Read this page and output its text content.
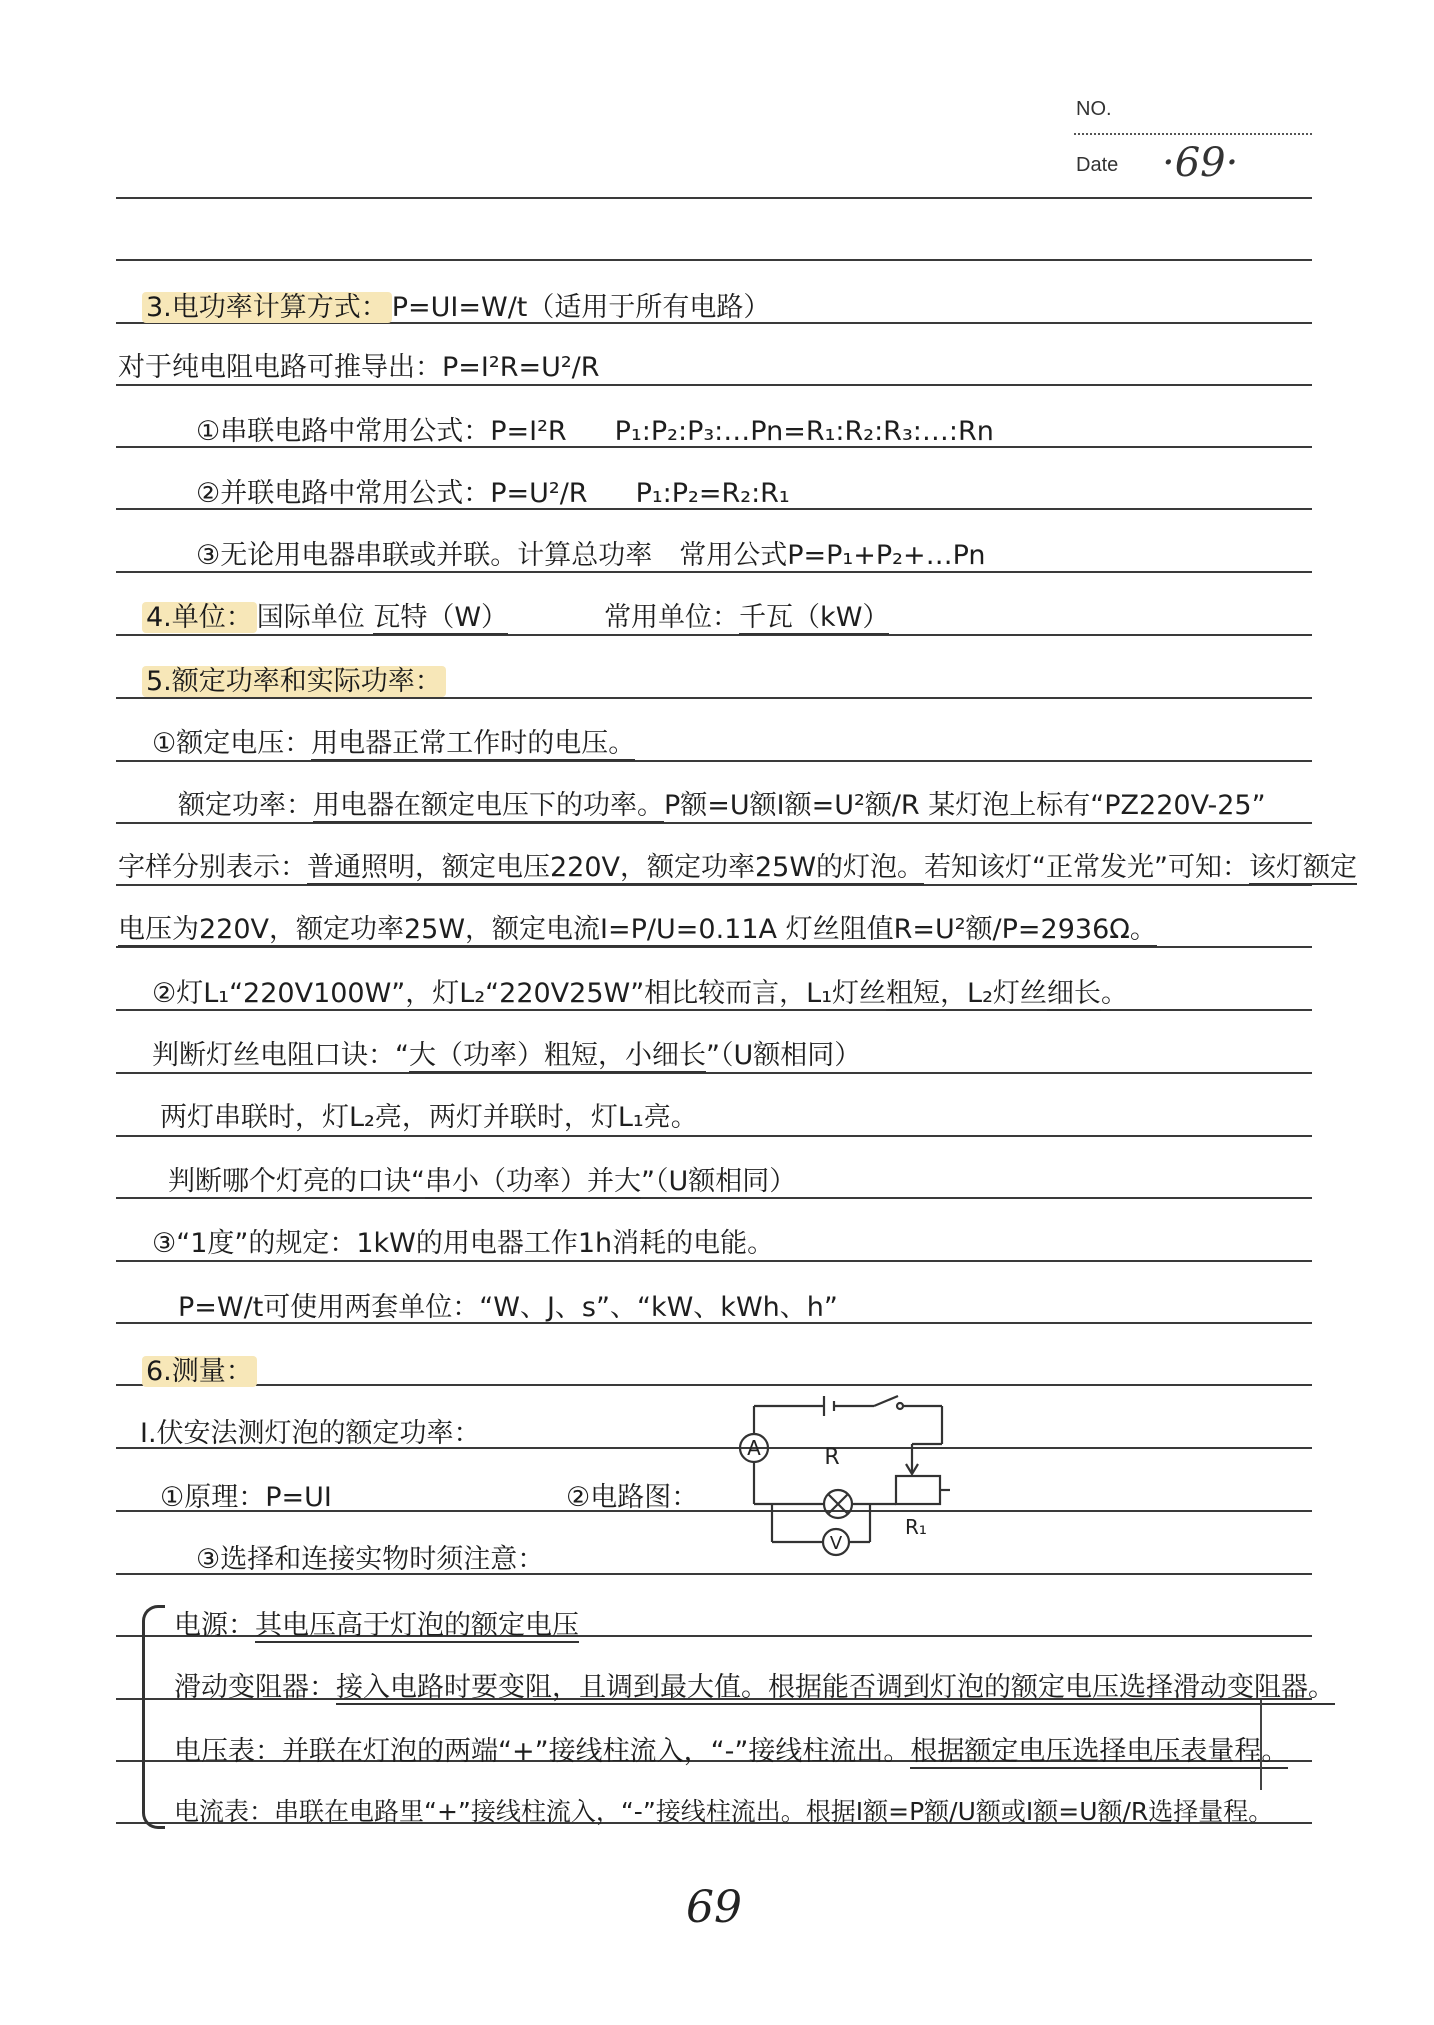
NO.
Date ·69·
3.电功率计算方式： P=UI=W/t（适用于所有电路）
对于纯电阻电路可推导出：P=I²R=U²/R
①串联电路中常用公式：P=I²R P₁:P₂:P₃:…Pn=R₁:R₂:R₃:…:Rn
②并联电路中常用公式：P=U²/R P₁:P₂=R₂:R₁
③无论用电器串联或并联。计算总功率　常用公式P=P₁+P₂+…Pn
4.单位： 国际单位 瓦特（W）	常用单位：千瓦（kW）
5.额定功率和实际功率：
①额定电压：用电器正常工作时的电压。
额定功率：用电器在额定电压下的功率。P额=U额I额=U²额/R 某灯泡上标有“PZ220V-25”
字样分别表示：普通照明，额定电压220V，额定功率25W的灯泡。若知该灯“正常发光”可知：该灯额定
电压为220V，额定功率25W，额定电流I=P/U=0.11A 灯丝阻值R=U²额/P=2936Ω。
②灯L₁“220V100W”，灯L₂“220V25W”相比较而言，L₁灯丝粗短，L₂灯丝细长。
判断灯丝电阻口诀：“大（功率）粗短，小细长”（U额相同）
两灯串联时，灯L₂亮，两灯并联时，灯L₁亮。
判断哪个灯亮的口诀“串小（功率）并大”（U额相同）
③“1度”的规定：1kW的用电器工作1h消耗的电能。
P=W/t可使用两套单位：“W、J、s”、“kW、kWh、h”
6.测量：
Ⅰ.伏安法测灯泡的额定功率：
①原理：P=UI	②电路图：
③选择和连接实物时须注意：
A
V
R
R₁
电源：其电压高于灯泡的额定电压
滑动变阻器：接入电路时要变阻，且调到最大值。根据能否调到灯泡的额定电压选择滑动变阻器。
电压表：并联在灯泡的两端“+”接线柱流入，“-”接线柱流出。根据额定电压选择电压表量程。
电流表：串联在电路里“+”接线柱流入，“-”接线柱流出。根据I额=P额/U额或I额=U额/R选择量程。
69
